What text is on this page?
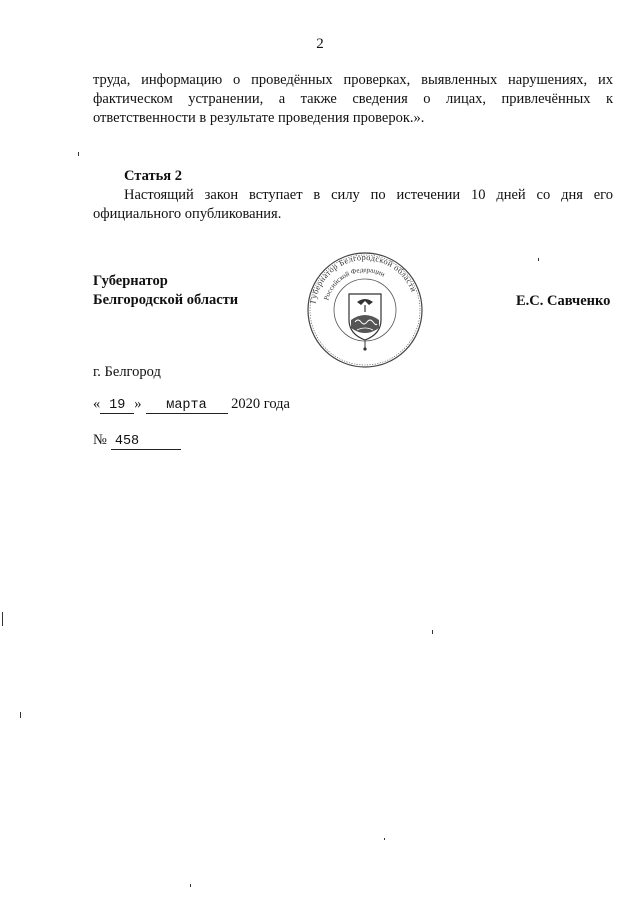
2
труда, информацию о проведённых проверках, выявленных нарушениях, их
фактическом устранении, а также сведения о лицах, привлечённых к
ответственности в результате проведения проверок.».
Статья 2
Настоящий закон вступает в силу по истечении 10 дней со дня его
официального опубликования.
Губернатор
Белгородской области	Губернатор Белгородской области
Российской Федерации
Е.С. Савченко
г. Белгород
« 19 » марта 2020 года
№ 458
